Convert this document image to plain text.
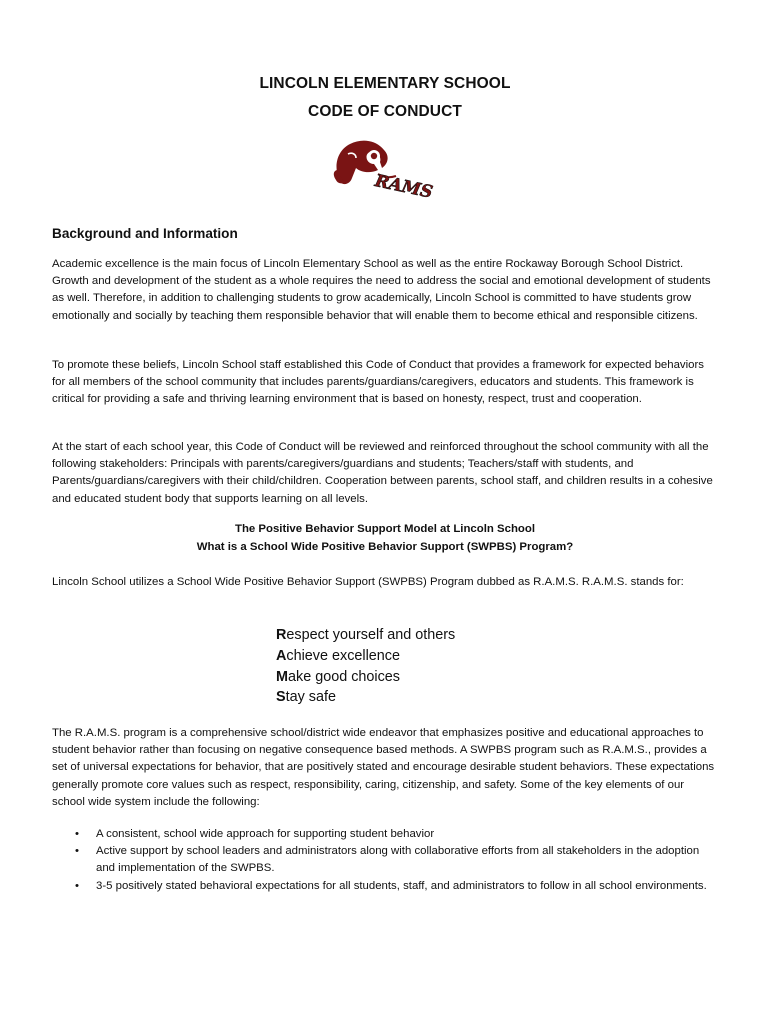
LINCOLN ELEMENTARY SCHOOL
CODE OF CONDUCT
RAMS
Background and Information

Academic excellence is the main focus of Lincoln Elementary School as well as the entire Rockaway Borough School District. Growth and development of the student as a whole requires the need to address the social and emotional development of students as well. Therefore, in addition to challenging students to grow academically, Lincoln School is committed to have students grow emotionally and socially by teaching them responsible behavior that will enable them to become ethical and responsible citizens.

To promote these beliefs, Lincoln School staff established this Code of Conduct that provides a framework for expected behaviors for all members of the school community that includes parents/guardians/caregivers, educators and students. This framework is critical for providing a safe and thriving learning environment that is based on honesty, respect, trust and cooperation.

At the start of each school year, this Code of Conduct will be reviewed and reinforced throughout the school community with all the following stakeholders: Principals with parents/caregivers/guardians and students; Teachers/staff with students, and Parents/guardians/caregivers with their child/children. Cooperation between parents, school staff, and children results in a cohesive and educated student body that supports learning on all levels.

The Positive Behavior Support Model at Lincoln School
What is a School Wide Positive Behavior Support (SWPBS) Program?

Lincoln School utilizes a School Wide Positive Behavior Support (SWPBS) Program dubbed as R.A.M.S. R.A.M.S. stands for:

Respect yourself and others
Achieve excellence
Make good choices
Stay safe

The R.A.M.S. program is a comprehensive school/district wide endeavor that emphasizes positive and educational approaches to student behavior rather than focusing on negative consequence based methods. A SWPBS program such as R.A.M.S., provides a set of universal expectations for behavior, that are positively stated and encourage desirable student behaviors. These expectations generally promote core values such as respect, responsibility, caring, citizenship, and safety. Some of the key elements of our school wide system include the following:

• A consistent, school wide approach for supporting student behavior
• Active support by school leaders and administrators along with collaborative efforts from all stakeholders in the adoption and implementation of the SWPBS.
• 3-5 positively stated behavioral expectations for all students, staff, and administrators to follow in all school environments.
